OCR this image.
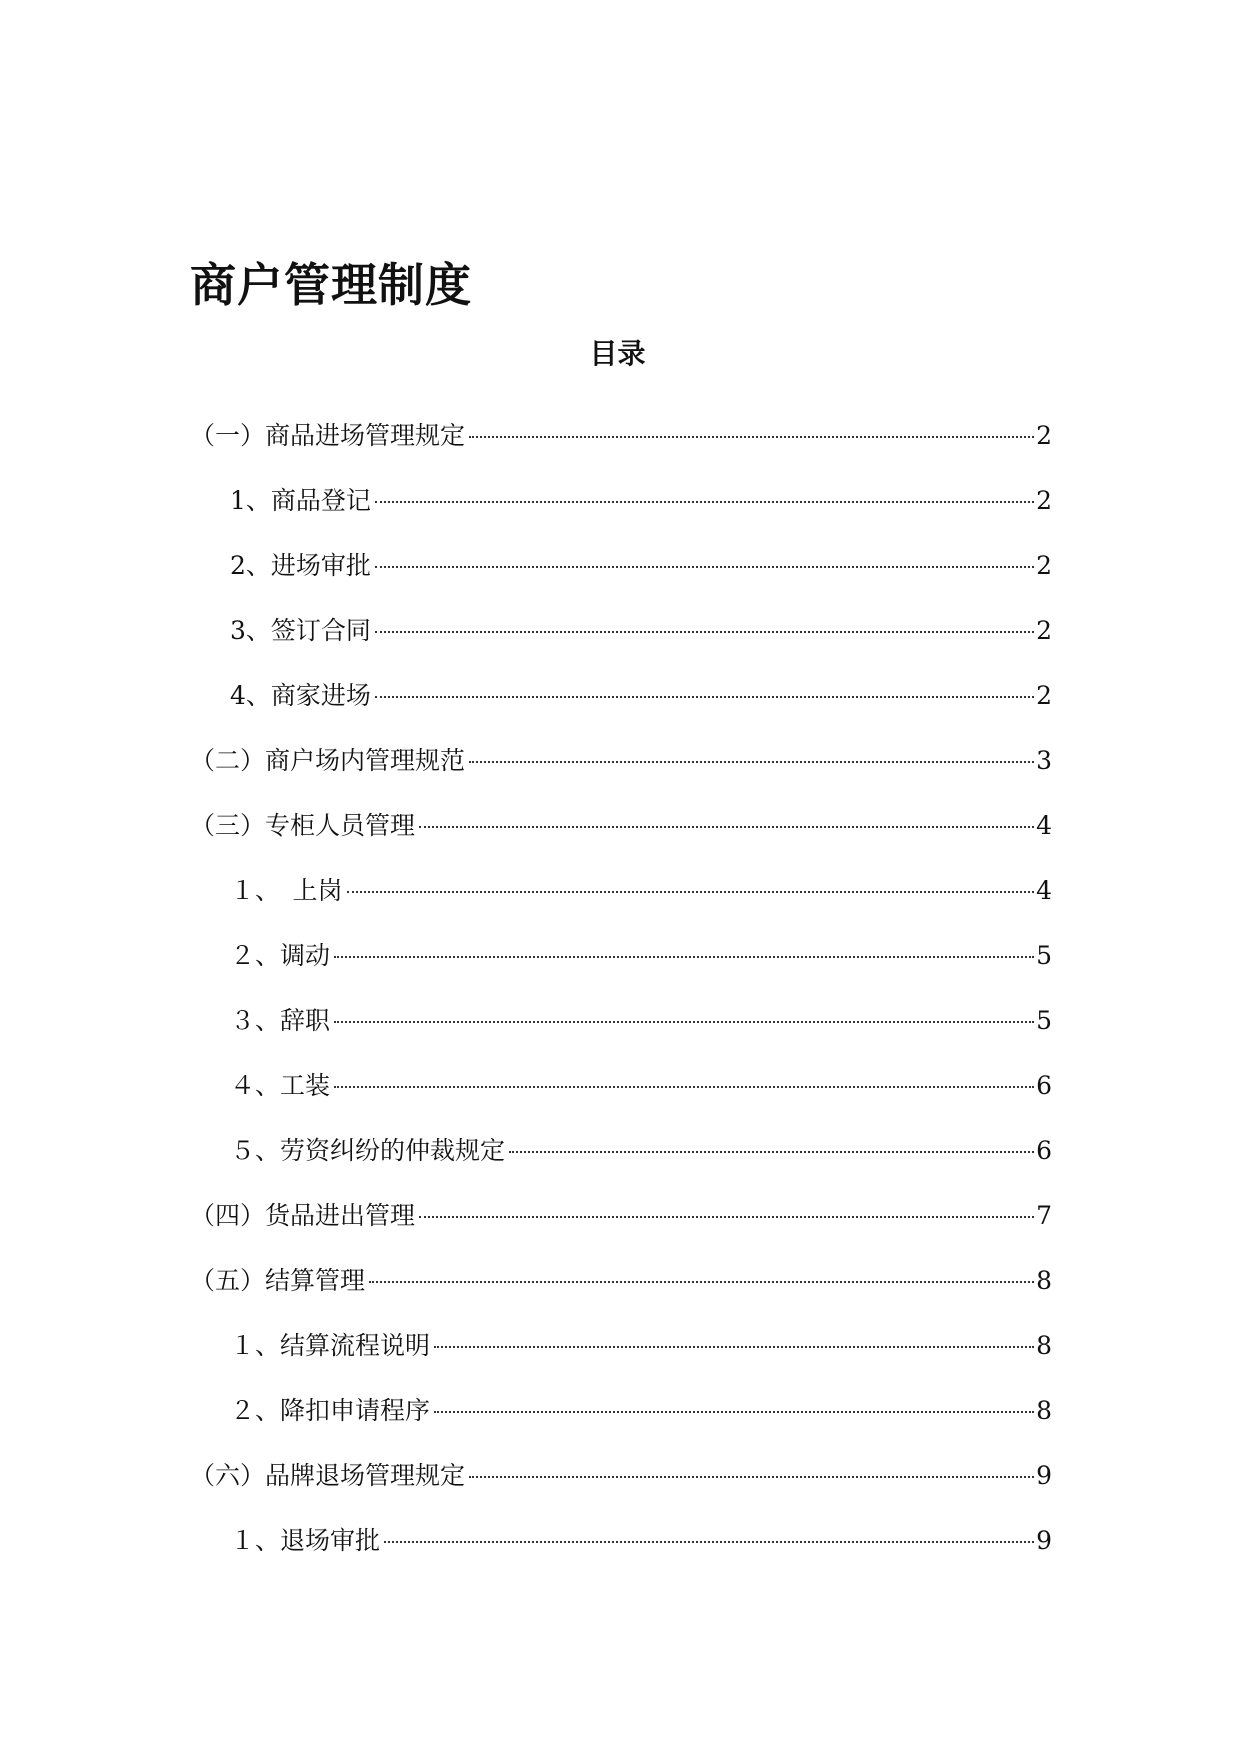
商户管理制度
目录
（一）商品进场管理规定	2
1、商品登记	2
2、进场审批	2
3、签订合同	2
4、商家进场	2
（二）商户场内管理规范	3
（三）专柜人员管理	4
１、　上岗	4
２、调动	5
３、辞职	5
４、工装	6
５、劳资纠纷的仲裁规定	6
（四）货品进出管理	7
（五）结算管理	8
１、结算流程说明	8
２、降扣申请程序	8
（六）品牌退场管理规定	9
１、退场审批	9
